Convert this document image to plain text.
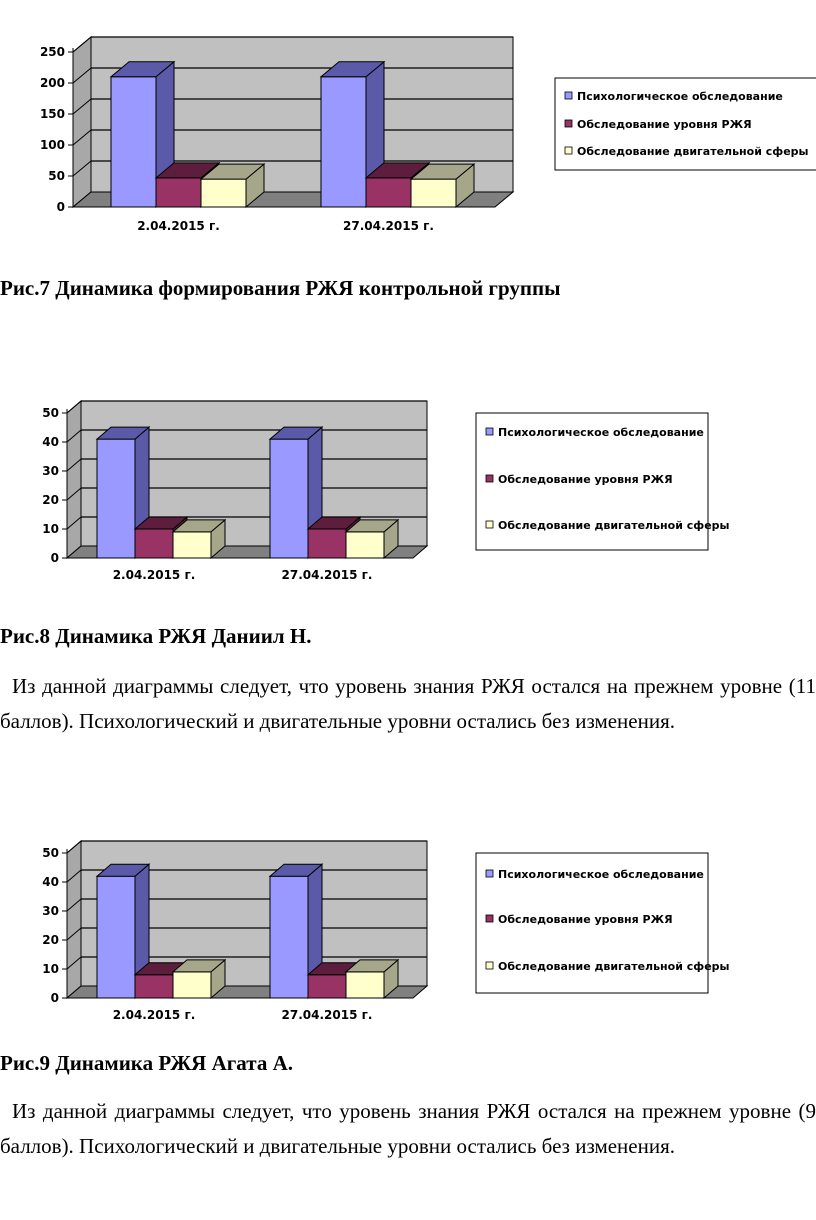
0
50
100
150
200
250
2.04.2015 г.	27.04.2015 г.
Психологическое обследование
Обследование уровня РЖЯ
Обследование двигательной сферы
Рис.7 Динамика формирования РЖЯ контрольной группы
0
10
20
30
40
50
2.04.2015 г.	27.04.2015 г.
Психологическое обследование
Обследование уровня РЖЯ
Обследование двигательной сферы
Рис.8 Динамика РЖЯ Даниил Н.
Из данной диаграммы следует, что уровень знания РЖЯ остался на прежнем уровне (11 баллов). Психологический и двигательные уровни остались без изменения.
0
10
20
30
40
50
2.04.2015 г.	27.04.2015 г.
Психологическое обследование
Обследование уровня РЖЯ
Обследование двигательной сферы
Рис.9 Динамика РЖЯ Агата А.
Из данной диаграммы следует, что уровень знания РЖЯ остался на прежнем уровне (9 баллов). Психологический и двигательные уровни остались без изменения.
